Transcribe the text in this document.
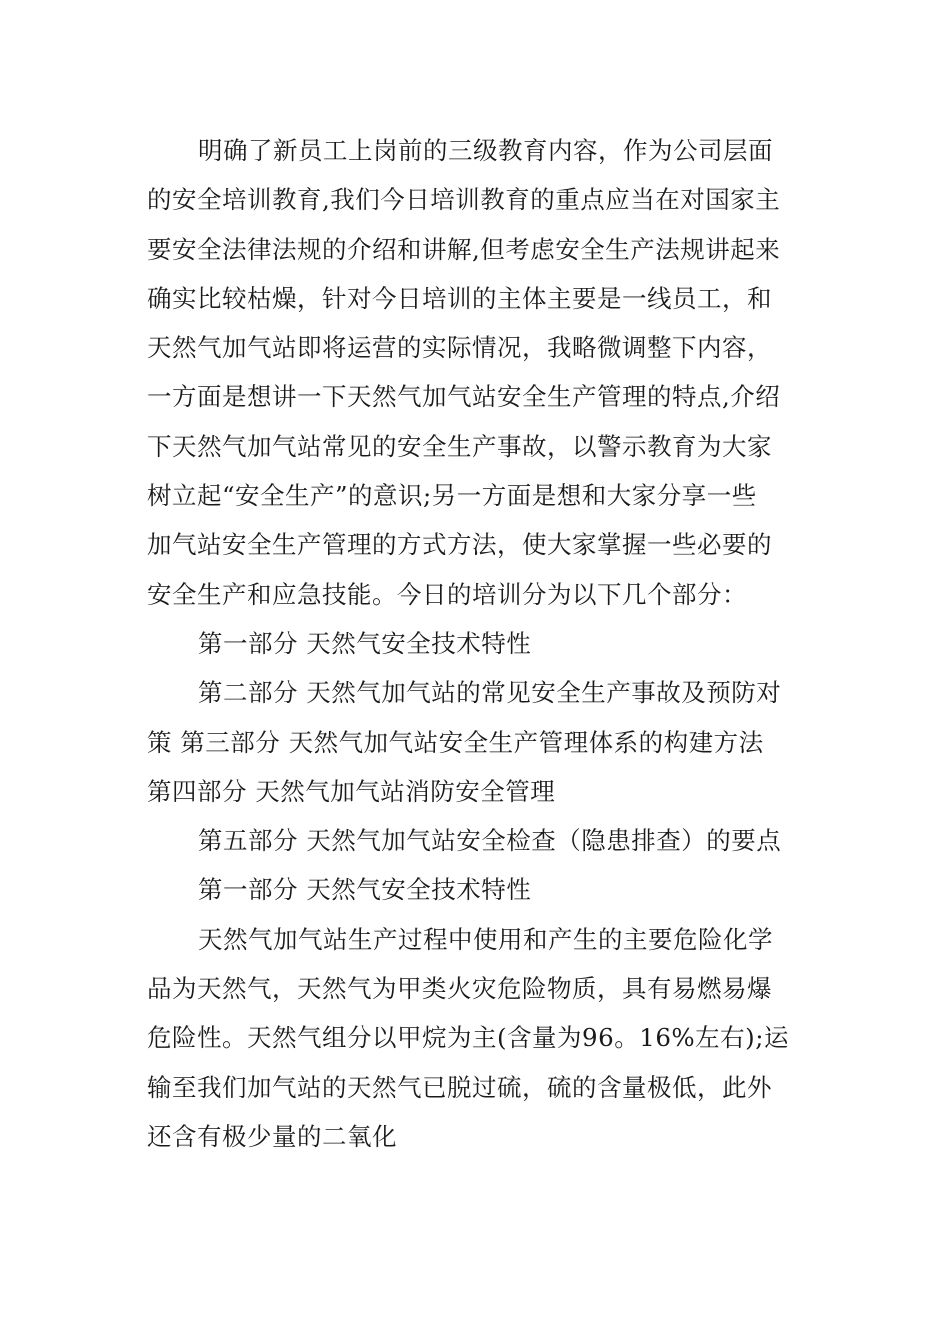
明确了新员工上岗前的三级教育内容，作为公司层面
的安全培训教育,我们今日培训教育的重点应当在对国家主
要安全法律法规的介绍和讲解,但考虑安全生产法规讲起来
确实比较枯燥，针对今日培训的主体主要是一线员工，和
天然气加气站即将运营的实际情况，我略微调整下内容，
一方面是想讲一下天然气加气站安全生产管理的特点,介绍
下天然气加气站常见的安全生产事故，以警示教育为大家
树立起“安全生产”的意识;另一方面是想和大家分享一些
加气站安全生产管理的方式方法，使大家掌握一些必要的
安全生产和应急技能。今日的培训分为以下几个部分：
第一部分 天然气安全技术特性
第二部分 天然气加气站的常见安全生产事故及预防对
策 第三部分 天然气加气站安全生产管理体系的构建方法
第四部分 天然气加气站消防安全管理
第五部分 天然气加气站安全检查（隐患排查）的要点
第一部分 天然气安全技术特性
天然气加气站生产过程中使用和产生的主要危险化学
品为天然气，天然气为甲类火灾危险物质，具有易燃易爆
危险性。天然气组分以甲烷为主(含量为96。16%左右);运
输至我们加气站的天然气已脱过硫，硫的含量极低，此外
还含有极少量的二氧化
